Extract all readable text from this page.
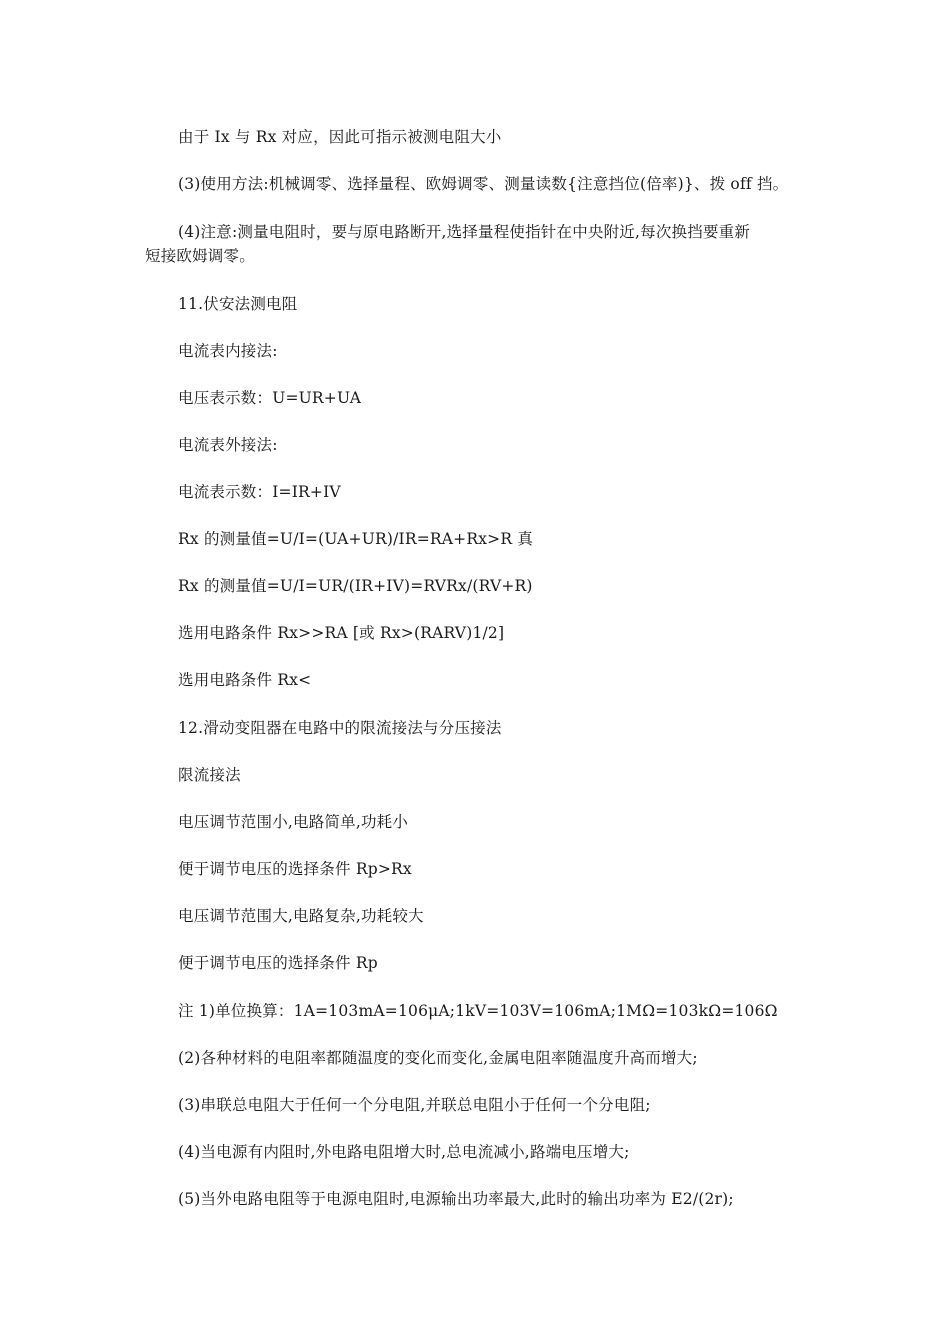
由于 Ix 与 Rx 对应，因此可指示被测电阻大小
(3)使用方法:机械调零、选择量程、欧姆调零、测量读数{注意挡位(倍率)}、拨 off 挡。
(4)注意:测量电阻时，要与原电路断开,选择量程使指针在中央附近,每次换挡要重新
短接欧姆调零。
11.伏安法测电阻
电流表内接法:
电压表示数：U=UR+UA
电流表外接法:
电流表示数：I=IR+IV
Rx 的测量值=U/I=(UA+UR)/IR=RA+Rx>R 真
Rx 的测量值=U/I=UR/(IR+IV)=RVRx/(RV+R)
选用电路条件 Rx>>RA [或 Rx>(RARV)1/2]
选用电路条件 Rx<
12.滑动变阻器在电路中的限流接法与分压接法
限流接法
电压调节范围小,电路简单,功耗小
便于调节电压的选择条件 Rp>Rx
电压调节范围大,电路复杂,功耗较大
便于调节电压的选择条件 Rp
注 1)单位换算：1A=103mA=106μA;1kV=103V=106mA;1MΩ=103kΩ=106Ω
(2)各种材料的电阻率都随温度的变化而变化,金属电阻率随温度升高而增大;
(3)串联总电阻大于任何一个分电阻,并联总电阻小于任何一个分电阻;
(4)当电源有内阻时,外电路电阻增大时,总电流减小,路端电压增大;
(5)当外电路电阻等于电源电阻时,电源输出功率最大,此时的输出功率为 E2/(2r);
